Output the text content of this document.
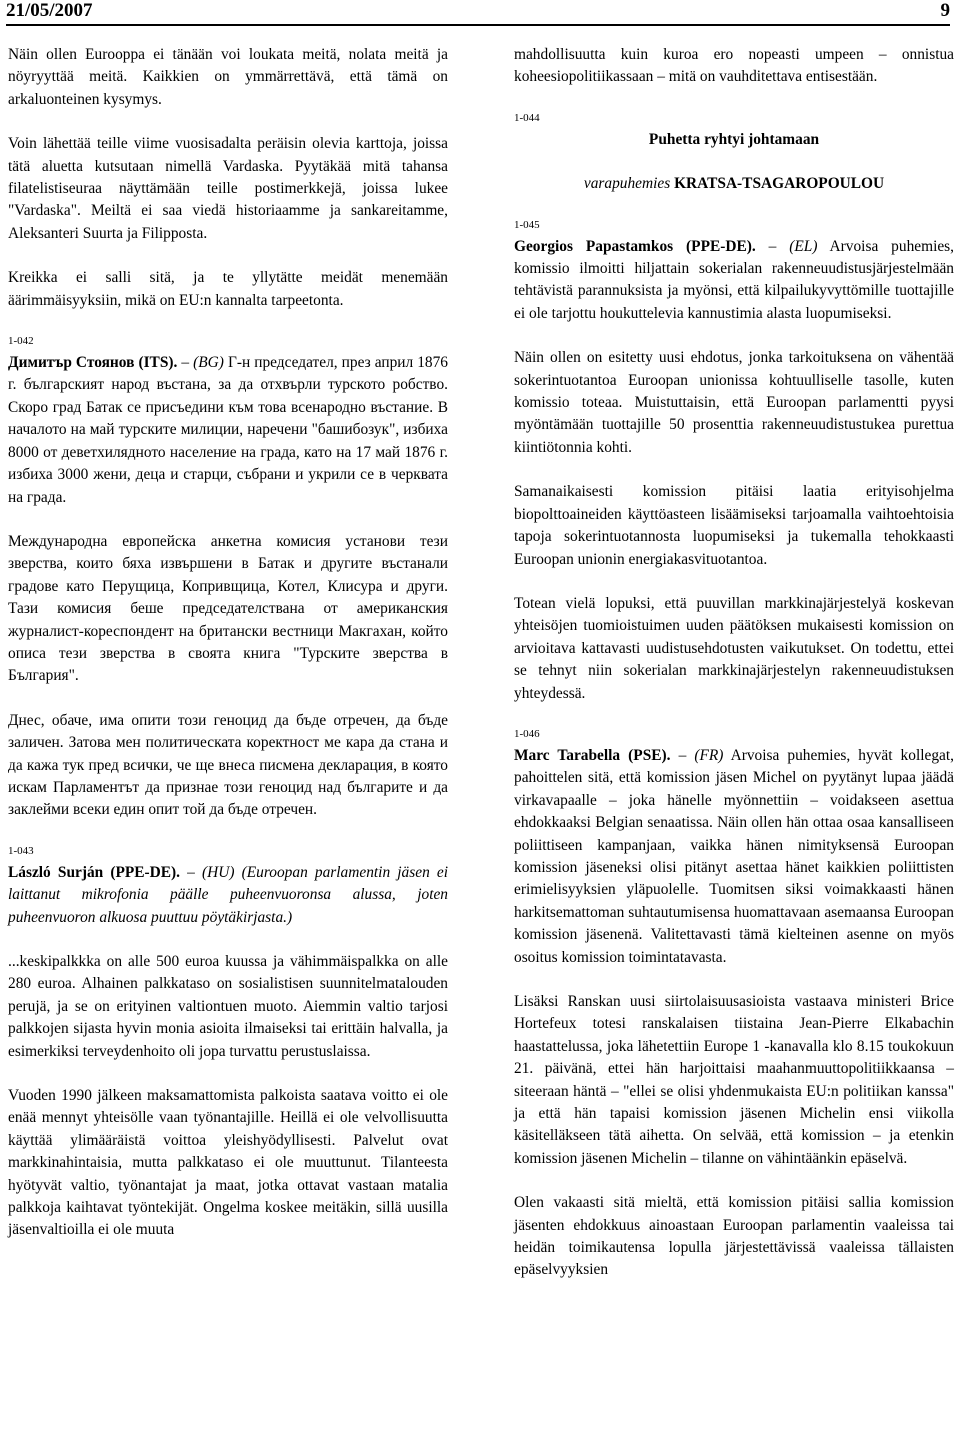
21/05/2007	9

Näin ollen Eurooppa ei tänään voi loukata meitä, nolata meitä ja nöyryyttää meitä. Kaikkien on ymmärrettävä, että tämä on arkaluonteinen kysymys.

Voin lähettää teille viime vuosisadalta peräisin olevia karttoja, joissa tätä aluetta kutsutaan nimellä Vardaska. Pyytäkää mitä tahansa filatelistiseuraa näyttämään teille postimerkkejä, joissa lukee "Vardaska". Meiltä ei saa viedä historiaamme ja sankareitamme, Aleksanteri Suurta ja Filipposta.

Kreikka ei salli sitä, ja te yllytätte meidät menemään äärimmäisyyksiin, mikä on EU:n kannalta tarpeetonta.

1-042

Димитър Стоянов (ITS). – (BG) Г-н председател, през април 1876 г. българският народ въстана, за да отхвърли турското робство. Скоро град Батак се присъедини към това всенародно въстание. В началото на май турските милиции, наречени "башибозук", избиха 8000 от деветхилядното население на града, като на 17 май 1876 г. избиха 3000 жени, деца и старци, събрани и укрили се в черквата на града.

Международна европейска анкетна комисия установи тези зверства, които бяха извършени в Батак и другите въстанали градове като Перущица, Копривщица, Котел, Клисура и други. Тази комисия беше председателствана от американския журналист-кореспондент на британски вестници Макгахан, който описа тези зверства в своята книга "Турските зверства в България".

Днес, обаче, има опити този геноцид да бъде отречен, да бъде заличен. Затова мен политическата коректност ме кара да стана и да кажа тук пред всички, че ще внеса писмена декларация, в която искам Парламентът да признае този геноцид над българите и да заклейми всеки един опит той да бъде отречен.

1-043

László Surján (PPE-DE). – (HU) (Euroopan parlamentin jäsen ei laittanut mikrofonia päälle puheenvuoronsa alussa, joten puheenvuoron alkuosa puuttuu pöytäkirjasta.)

...keskipalkkka on alle 500 euroa kuussa ja vähimmäispalkka on alle 280 euroa. Alhainen palkkataso on sosialistisen suunnitelmatalouden perujä, ja se on erityinen valtiontuen muoto. Aiemmin valtio tarjosi palkkojen sijasta hyvin monia asioita ilmaiseksi tai erittäin halvalla, ja esimerkiksi terveydenhoito oli jopa turvattu perustuslaissa.

Vuoden 1990 jälkeen maksamattomista palkoista saatava voitto ei ole enää mennyt yhteisölle vaan työnantajille. Heillä ei ole velvollisuutta käyttää ylimääräistä voittoa yleishyödyllisesti. Palvelut ovat markkinahintaisia, mutta palkkataso ei ole muuttunut. Tilanteesta hyötyvät valtio, työnantajat ja maat, jotka ottavat vastaan matalia palkkoja kaihtavat työntekijät. Ongelma koskee meitäkin, sillä uusilla jäsenvaltioilla ei ole muuta

mahdollisuutta kuin kuroa ero nopeasti umpeen – onnistua koheesiopolitiikassaan – mitä on vauhditettava entisestään.

1-044

Puhetta ryhtyi johtamaan

varapuhemies KRATSA-TSAGAROPOULOU

1-045

Georgios Papastamkos (PPE-DE). – (EL) Arvoisa puhemies, komissio ilmoitti hiljattain sokerialan rakenneuudistusjärjestelmään tehtävistä parannuksista ja myönsi, että kilpailukyvyttömille tuottajille ei ole tarjottu houkuttelevia kannustimia alasta luopumiseksi.

Näin ollen on esitetty uusi ehdotus, jonka tarkoituksena on vähentää sokerintuotantoa Euroopan unionissa kohtuulliselle tasolle, kuten komissio toteaa. Muistuttaisin, että Euroopan parlamentti pyysi myöntämään tuottajille 50 prosenttia rakenneuudistustukea purettua kiintiötonnia kohti.

Samanaikaisesti komission pitäisi laatia erityisohjelma biopolttoaineiden käyttöasteen lisäämiseksi tarjoamalla vaihtoehtoisia tapoja sokerintuotannosta luopumiseksi ja tukemalla tehokkaasti Euroopan unionin energiakasvituotantoa.

Totean vielä lopuksi, että puuvillan markkinajärjestelyä koskevan yhteisöjen tuomioistuimen uuden päätöksen mukaisesti komission on arvioitava kattavasti uudistusehdotusten vaikutukset. On todettu, ettei se tehnyt niin sokerialan markkinajärjestelyn rakenneuudistuksen yhteydessä.

1-046

Marc Tarabella (PSE). – (FR) Arvoisa puhemies, hyvät kollegat, pahoittelen sitä, että komission jäsen Michel on pyytänyt lupaa jäädä virkavapaalle – joka hänelle myönnettiin – voidakseen asettua ehdokkaaksi Belgian senaatissa. Näin ollen hän ottaa osaa kansalliseen poliittiseen kampanjaan, vaikka hänen nimityksensä Euroopan komission jäseneksi olisi pitänyt asettaa hänet kaikkien poliittisten erimielisyyksien yläpuolelle. Tuomitsen siksi voimakkaasti hänen harkitsemattoman suhtautumisensa huomattavaan asemaansa Euroopan komission jäsenenä. Valitettavasti tämä kielteinen asenne on myös osoitus komission toimintatavasta.

Lisäksi Ranskan uusi siirtolaisuusasioista vastaava ministeri Brice Hortefeux totesi ranskalaisen tiistaina Jean-Pierre Elkabachin haastattelussa, joka lähetettiin Europe 1 -kanavalla klo 8.15 toukokuun 21. päivänä, ettei hän harjoittaisi maahanmuuttopolitiikkaansa – siteeraan häntä – "ellei se olisi yhdenmukaista EU:n politiikan kanssa" ja että hän tapaisi komission jäsenen Michelin ensi viikolla käsitelläkseen tätä aihetta. On selvää, että komission – ja etenkin komission jäsenen Michelin – tilanne on vähintäänkin epäselvä.

Olen vakaasti sitä mieltä, että komission pitäisi sallia komission jäsenten ehdokkuus ainoastaan Euroopan parlamentin vaaleissa tai heidän toimikautensa lopulla järjestettävissä vaaleissa tällaisten epäselvyyksien
